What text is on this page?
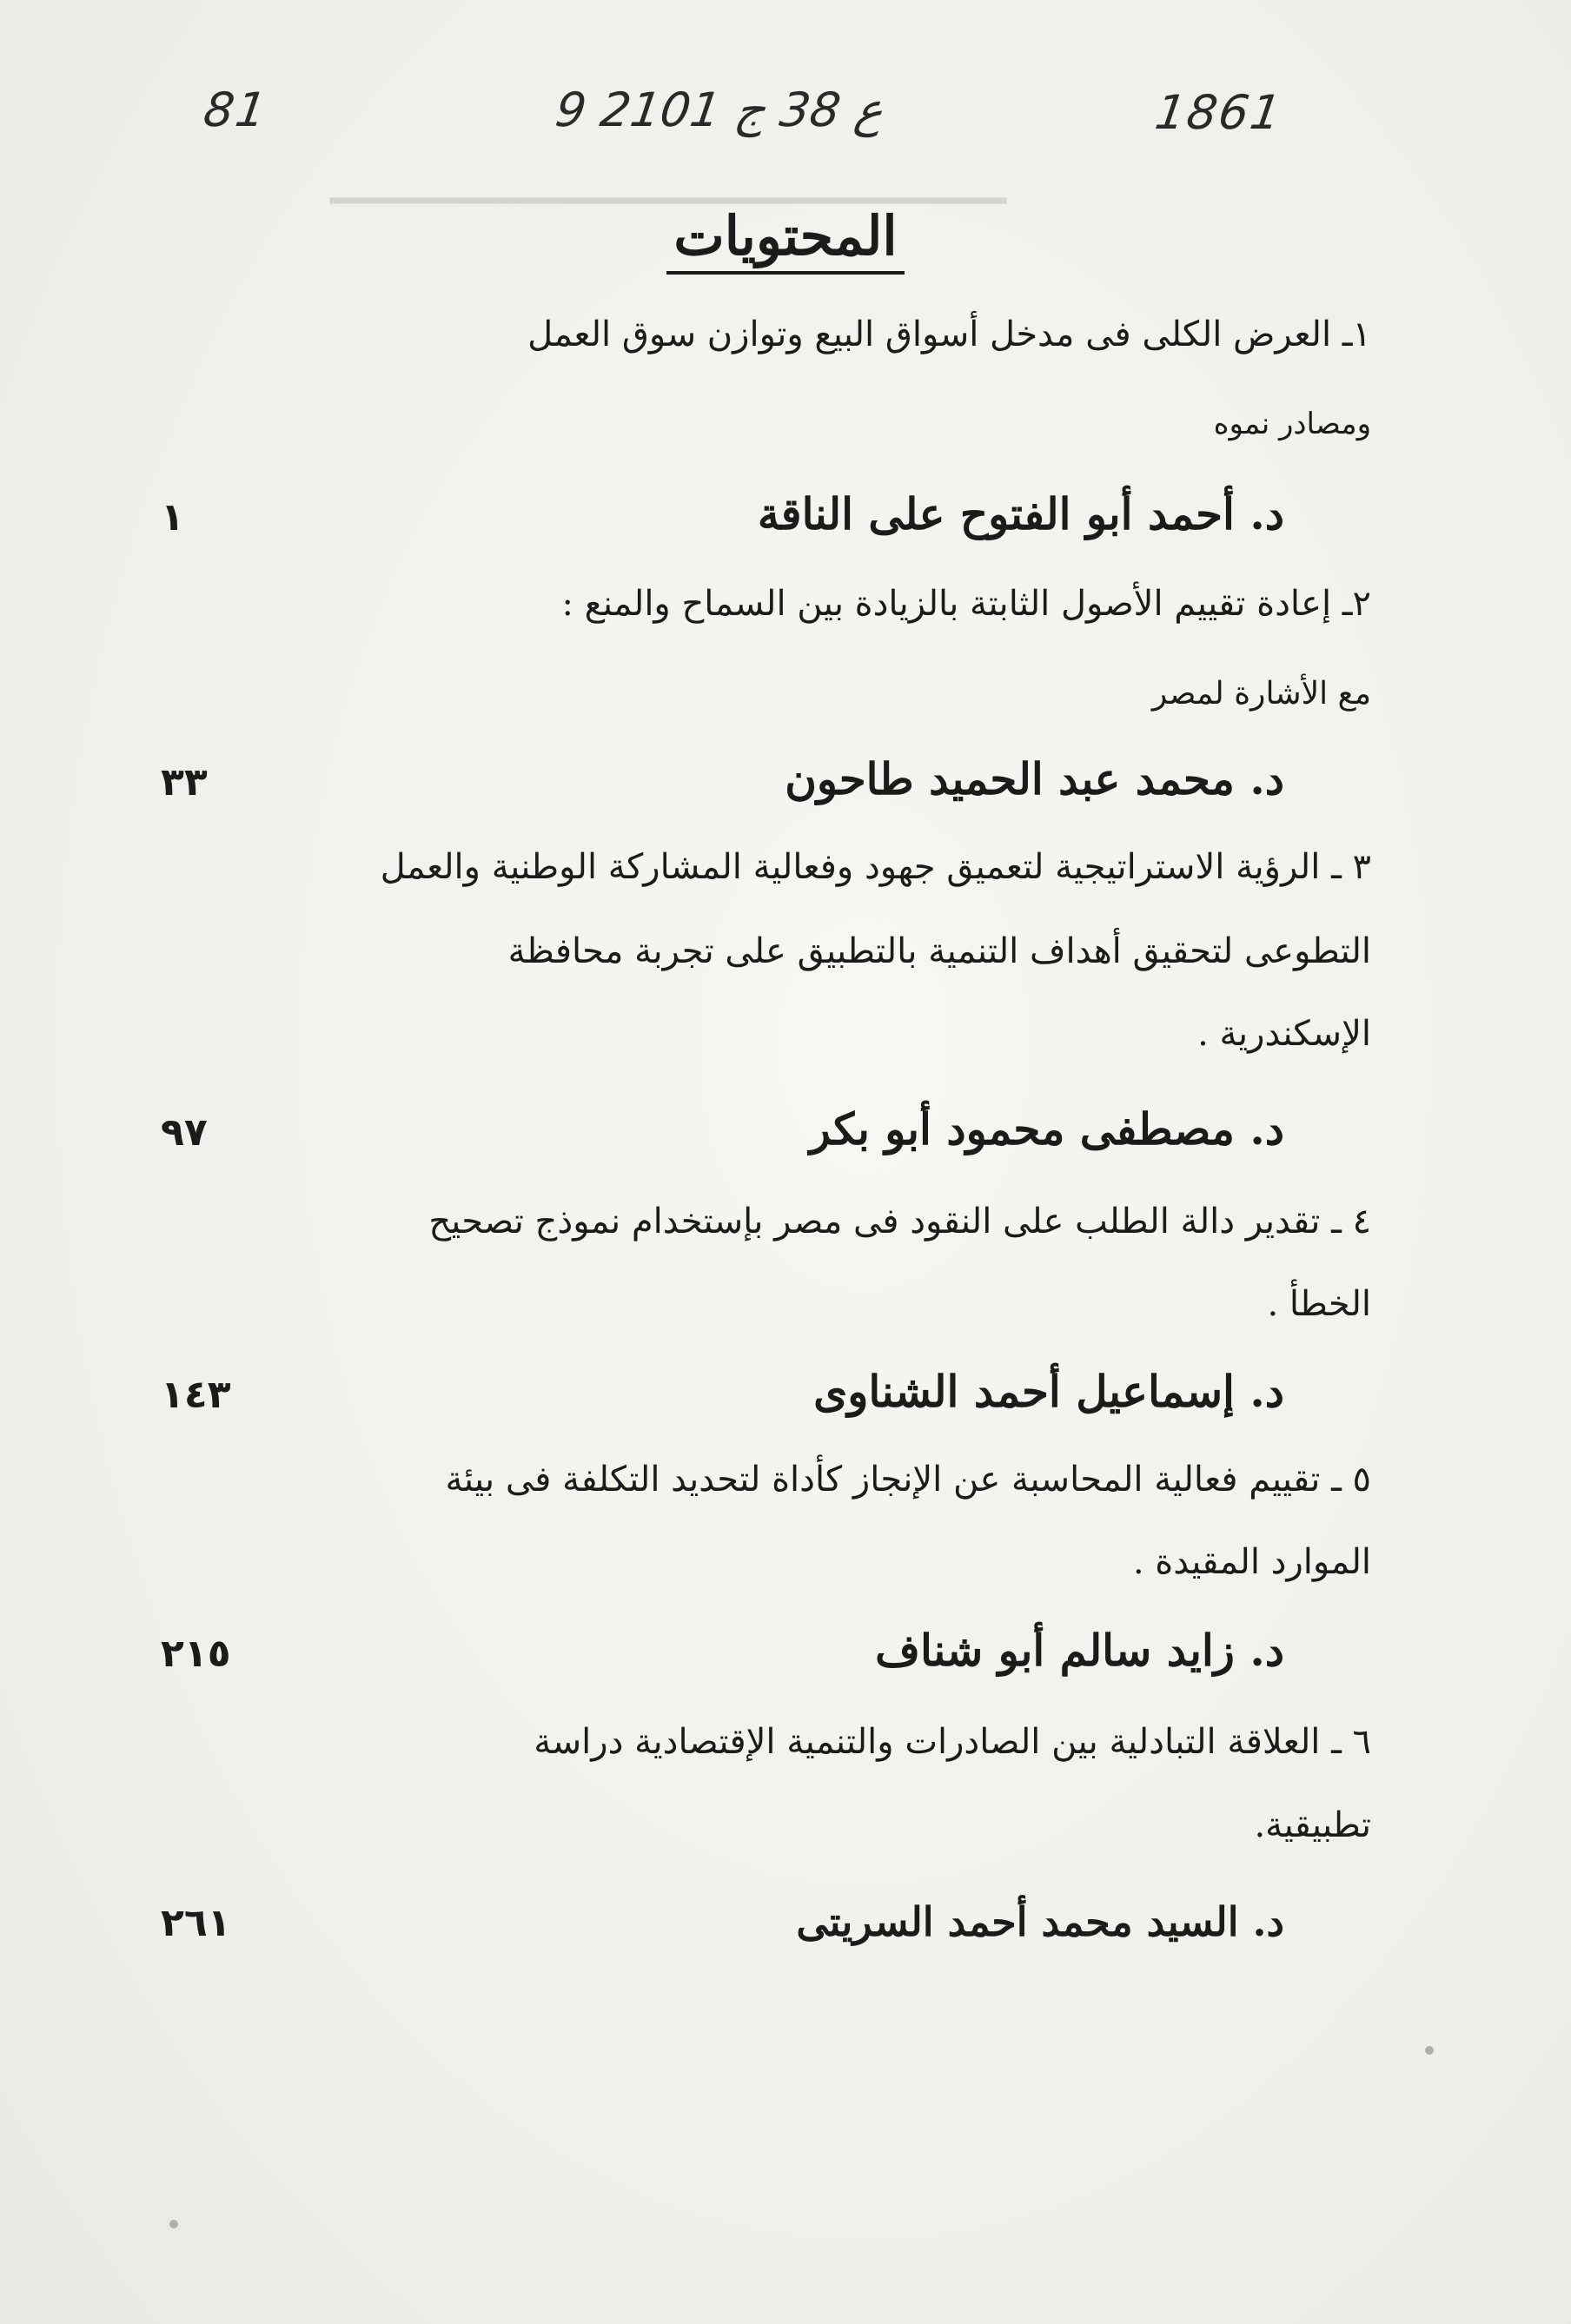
▁▁▁▁▁▁▁▁▁▁▁▁▁▁▁▁▁▁▁▁▁▁
81	9 ع 38 ج 2101	1861
المحتويات
١ـ العرض الكلى فى مدخل أسواق البيع وتوازن سوق العمل
ومصادر نموه
د. أحمد أبو الفتوح على الناقة
١
٢ـ إعادة تقييم الأصول الثابتة بالزيادة بين السماح والمنع :
مع الأشارة لمصر
د. محمد عبد الحميد طاحون
٣٣
٣ ـ الرؤية الاستراتيجية لتعميق جهود وفعالية المشاركة الوطنية والعمل
التطوعى لتحقيق أهداف التنمية بالتطبيق على تجربة محافظة
الإسكندرية .
د. مصطفى محمود أبو بكر
٩٧
٤ ـ تقدير دالة الطلب على النقود فى مصر بإستخدام نموذج تصحيح
الخطأ .
د. إسماعيل أحمد الشناوى
١٤٣
٥ ـ تقييم فعالية المحاسبة عن الإنجاز كأداة لتحديد التكلفة فى بيئة
الموارد المقيدة .
د. زايد سالم أبو شناف
٢١٥
٦ ـ العلاقة التبادلية بين الصادرات والتنمية الإقتصادية دراسة
تطبيقية.
د. السيد محمد أحمد السريتى
٢٦١
